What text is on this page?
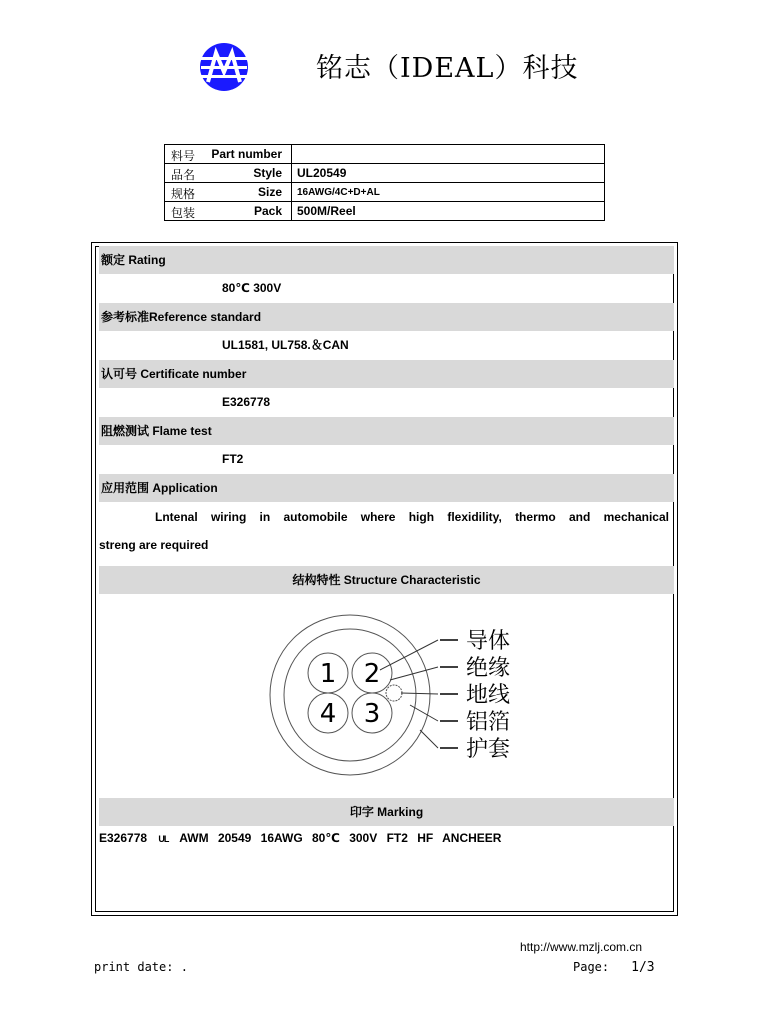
铭志（IDEAL）科技
料号 Part number	

品名 Style	UL20549

规格 Size	16AWG/4C+D+AL

包装 Pack	500M/Reel
额定 Rating
80℃ 300V
参考标准Reference standard
UL1581, UL758.＆CAN
认可号 Certificate number
E326778
阻燃测试 Flame test
FT2
应用范围 Application
Lntenal wiring in automobile where high flexidility, thermo and mechanical
streng are required
结构特性 Structure Characteristic
1 2
4 3
导体
绝缘
地线
铝箔
护套
印字 Marking
E326778 UL AWM 20549 16AWG 80℃ 300V FT2 HF ANCHEER
http://www.mzlj.com.cn
print date: .	Page: 1/3
